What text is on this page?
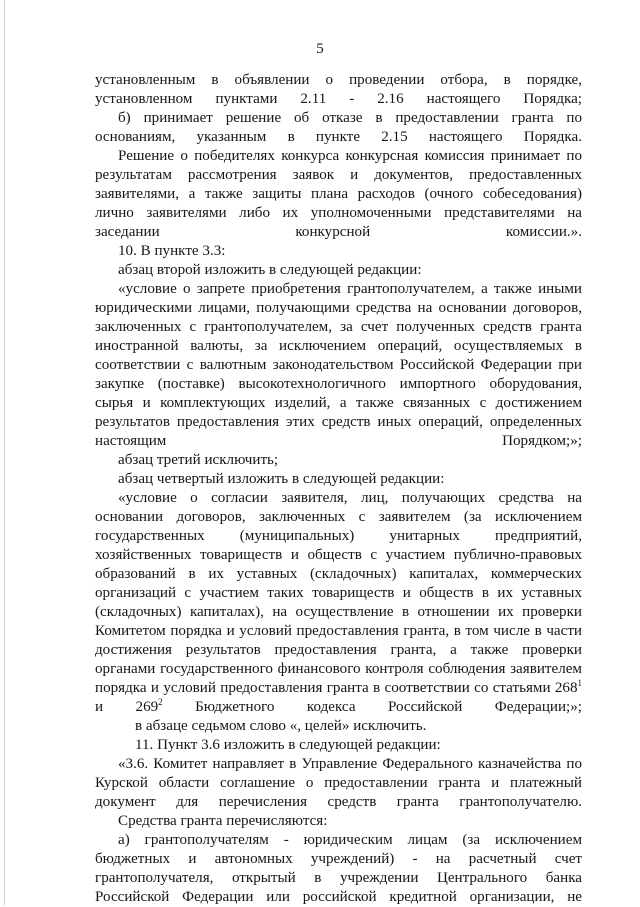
5

установленным в объявлении о проведении отбора, в порядке, установленном пунктами 2.11 - 2.16 настоящего Порядка;

б) принимает решение об отказе в предоставлении гранта по основаниям, указанным в пункте 2.15 настоящего Порядка.

Решение о победителях конкурса конкурсная комиссия принимает по результатам рассмотрения заявок и документов, предоставленных заявителями, а также защиты плана расходов (очного собеседования) лично заявителями либо их уполномоченными представителями на заседании конкурсной комиссии.».

10. В пункте 3.3:

абзац второй изложить в следующей редакции:

«условие о запрете приобретения грантополучателем, а также иными юридическими лицами, получающими средства на основании договоров, заключенных с грантополучателем, за счет полученных средств гранта иностранной валюты, за исключением операций, осуществляемых в соответствии с валютным законодательством Российской Федерации при закупке (поставке) высокотехнологичного импортного оборудования, сырья и комплектующих изделий, а также связанных с достижением результатов предоставления этих средств иных операций, определенных настоящим Порядком;»;

абзац третий исключить;

абзац четвертый изложить в следующей редакции:

«условие о согласии заявителя, лиц, получающих средства на основании договоров, заключенных с заявителем (за исключением государственных (муниципальных) унитарных предприятий, хозяйственных товариществ и обществ с участием публично-правовых образований в их уставных (складочных) капиталах, коммерческих организаций с участием таких товариществ и обществ в их уставных (складочных) капиталах), на осуществление в отношении их проверки Комитетом порядка и условий предоставления гранта, в том числе в части достижения результатов предоставления гранта, а также проверки органами государственного финансового контроля соблюдения заявителем порядка и условий предоставления гранта в соответствии со статьями $268^1$ и $269^2$ Бюджетного кодекса Российской Федерации;»;

в абзаце седьмом слово «, целей» исключить.

11. Пункт 3.6 изложить в следующей редакции:

«3.6. Комитет направляет в Управление Федерального казначейства по Курской области соглашение о предоставлении гранта и платежный документ для перечисления средств гранта грантополучателю.

Средства гранта перечисляются:

а) грантополучателям - юридическим лицам (за исключением бюджетных и автономных учреждений) - на расчетный счет грантополучателя, открытый в учреждении Центрального банка Российской Федерации или российской кредитной организации, не
